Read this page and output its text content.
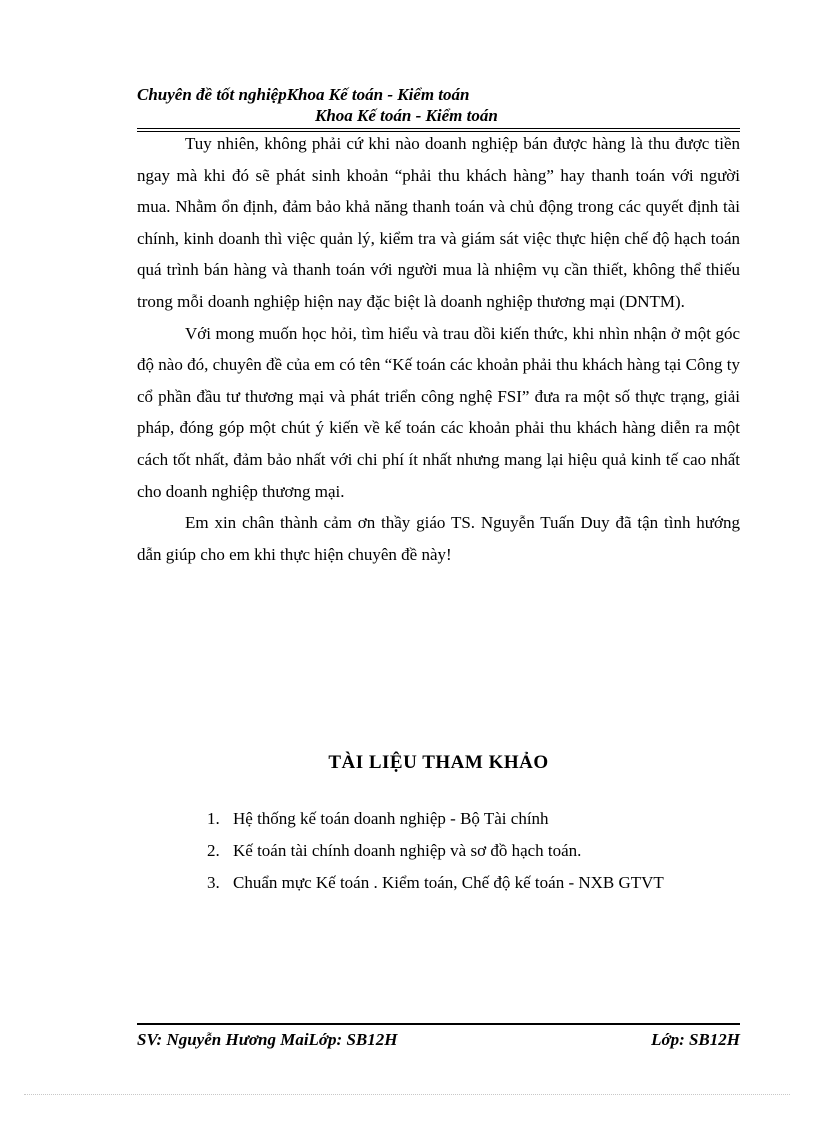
Chuyên đề tốt nghiệpKhoa Kế toán - Kiểm toán
Khoa Kế toán - Kiểm toán

Tuy nhiên, không phải cứ khi nào doanh nghiệp bán được hàng là thu được tiền ngay mà khi đó sẽ phát sinh khoản “phải thu khách hàng” hay thanh toán với người mua. Nhằm ổn định, đảm bảo khả năng thanh toán và chủ động trong các quyết định tài chính, kinh doanh thì việc quản lý, kiểm tra và giám sát việc thực hiện chế độ hạch toán quá trình bán hàng và thanh toán với người mua là nhiệm vụ cần thiết, không thể thiếu trong mỗi doanh nghiệp hiện nay đặc biệt là doanh nghiệp thương mại (DNTM).

Với mong muốn học hỏi, tìm hiểu và trau dồi kiến thức, khi nhìn nhận ở một góc độ nào đó, chuyên đề của em có tên “Kế toán các khoản phải thu khách hàng tại Công ty cổ phần đầu tư thương mại và phát triển công nghệ FSI” đưa ra một số thực trạng, giải pháp, đóng góp một chút ý kiến về kế toán các khoản phải thu khách hàng diễn ra một cách tốt nhất, đảm bảo nhất với chi phí ít nhất nhưng mang lại hiệu quả kinh tế cao nhất cho doanh nghiệp thương mại.

Em xin chân thành cảm ơn thầy giáo TS. Nguyễn Tuấn Duy đã tận tình hướng dẫn giúp cho em khi thực hiện chuyên đề này!

TÀI LIỆU THAM KHẢO
1. Hệ thống kế toán doanh nghiệp - Bộ Tài chính
2. Kế toán tài chính doanh nghiệp và sơ đồ hạch toán.
3. Chuẩn mực Kế toán . Kiểm toán, Chế độ kế toán - NXB GTVT
SV: Nguyễn Hương MaiLớp: SB12H	Lớp: SB12H
